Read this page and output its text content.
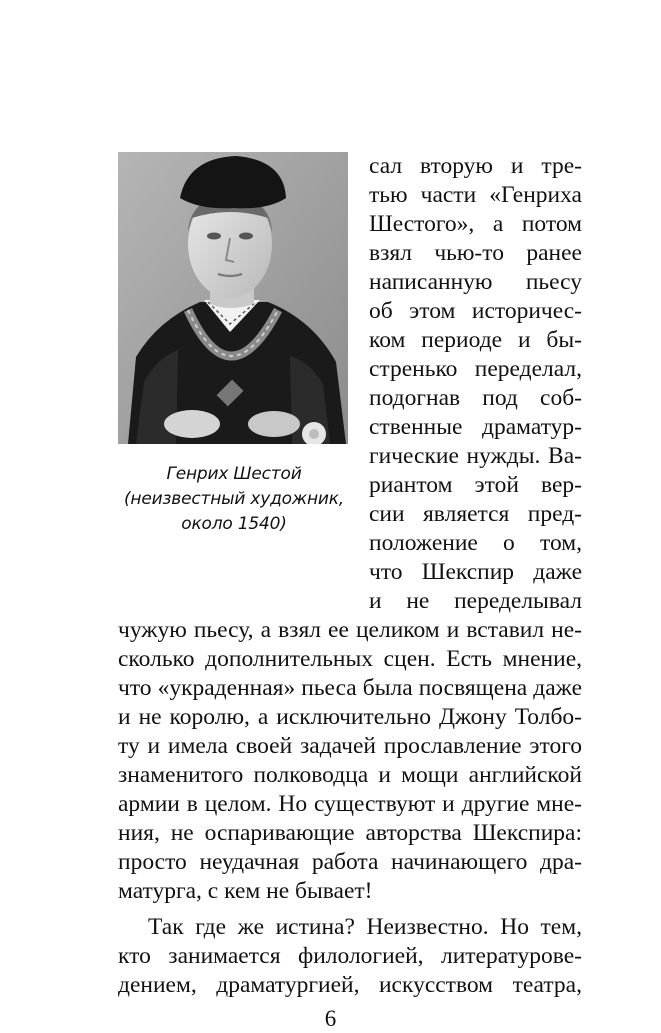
Генрих Шестой
(неизвестный художник,
около 1540)
сал вторую и тре-
тью части «Генриха
Шестого», а потом
взял чью-то ранее
написанную пьесу
об этом историчес-
ком периоде и бы-
стренько переделал,
подогнав под соб-
ственные драматур-
гические нужды. Ва-
риантом этой вер-
сии является пред-
положение о том,
что Шекспир даже
и не переделывал
чужую пьесу, а взял ее целиком и вставил не-
сколько дополнительных сцен. Есть мнение,
что «украденная» пьеса была посвящена даже
и не королю, а исключительно Джону Толбо-
ту и имела своей задачей прославление этого
знаменитого полководца и мощи английской
армии в целом. Но существуют и другие мне-
ния, не оспаривающие авторства Шекспира:
просто неудачная работа начинающего дра-
матурга, с кем не бывает!
Так где же истина? Неизвестно. Но тем,
кто занимается филологией, литературове-
дением, драматургией, искусством театра,
6
